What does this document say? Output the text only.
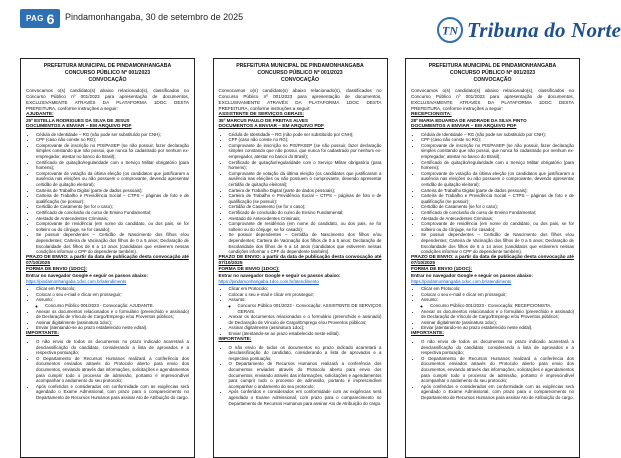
PAG 6 Pindamonhangaba, 30 de setembro de 2025
TN Tribuna do Norte

PREFEITURA MUNICIPAL DE PINDAMONHANGABA

CONCURSO PÚBLICO Nº 001/2023

CONVOCAÇÃO

Convocamos o(s) candidato(s) abaixo relacionado(s), classificados no Concurso Público nº 001/2023 para apresentação de documentos, EXCLUSIVAMENTE ATRAVÉS DA PLATAFORMA 1DOC DESTA PREFEITURA, conforme instruções a seguir:

AJUDANTE:

25º ESTELLA RODRIGUES DA SILVA DE JESUS

DOCUMENTOS A ENVIAR – EM ARQUIVO PDF

• Cédula de Identidade – RG (não pode ser substituído por CNH);
• CPF (caso não conste no RG);
• Comprovante de inscrição no PIS/PASEP (se não possuir, fazer declaração simples constando que não possui, que nunca foi cadastrado por nenhum ex-empregador, atestar no banco do Brasil);
• Certificado de quitação/regularidade com o Serviço Militar obrigatório (para homens);
• Comprovante de votação da última eleição (os candidatos que justificaram a ausência nas eleições ou não possuem o comprovante, devendo apresentar certidão de quitação eleitoral);
• Carteira de Trabalho Digital (parte de dados pessoais);
• Carteira de Trabalho e Previdência Social – CTPS – páginas de foto e de qualificação (se possuir);
• Certidão de Casamento (se for o caso);
• Certificado de conclusão do curso de Ensino Fundamental;
• Atestado de Antecedentes Criminais;
• Comprovante de residência (em nome do candidato, ou dos pais, se for solteiro ou do cônjuge, se for casado);
• Se possuir dependentes – Certidão de Nascimento dos filhos e/ou dependentes; Carteira de Vacinação dos filhos de 0 a 5 anos; Declaração de Escolaridade dos filhos de 6 a 14 anos (candidatos que estiverem nessas condições informar o CPF do dependente também).

PRAZO DE ENVIO: a partir da data de publicação desta convocação até 07/10/2025

FORMA DE ENVIO (1DOC):

Entrar no navegador Google e seguir os passos abaixo:

https://pindamonhangaba.1doc.com.br/atendimento

• Clicar em Protocolo;
• Colocar o seu e-mail e clicar em prosseguir;
• Assunto:
◦ Concurso Público 001/2023 - Convocação: AJUDANTE.
• Anexar os documentos relacionados e o formulário (preenchido e assinado) de Declaração de Vínculo de Cargo/Emprego e/ou Proventos públicos;
• Assinar digitalmente (assinatura 1doc);
• Enviar (atentando-se ao prazo estabelecido neste edital).

IMPORTANTE:

• O não envio de todos os documentos no prazo indicado acarretará a desclassificação do candidato, considerando a lista de aprovados e a respectiva pontuação;
• O Departamento de Recursos Humanos realizará a conferência dos documentos enviados através do Protocolo aberto para envio dos documentos, enviando através das informações, solicitações e agendamentos para cumprir todo o processo de admissão, portanto é imprescindível acompanhar o andamento do seu protocolo;
• Após conferidos e considerados em conformidade com as exigências será agendado o Exame Admissional, com prazo para o comparecimento no Departamento de Recursos Humanos para assinar Ato de Atribuição do cargo.

PREFEITURA MUNICIPAL DE PINDAMONHANGABA

CONCURSO PÚBLICO Nº 001/2023

CONVOCAÇÃO

Convocamos o(s) candidato(s) abaixo relacionado(s), classificados no Concurso Público nº 001/2023 para apresentação de documentos, EXCLUSIVAMENTE ATRAVÉS DA PLATAFORMA 1DOC DESTA PREFEITURA, conforme instruções a seguir:

ASSISTENTE DE SERVIÇOS GERAIS:

35º MARCUS PAULO DE FREITAS ALVES

DOCUMENTOS A ENVIAR – EM ARQUIVO PDF

• Cédula de Identidade – RG (não pode ser substituído por CNH);
• CPF (caso não conste no RG);
• Comprovante de inscrição no PIS/PASEP (se não possuir, fazer declaração simples constando que não possui, que nunca foi cadastrado por nenhum ex-empregador, atestar no banco do Brasil);
• Certificado de quitação/regularidade com o Serviço Militar obrigatório (para homens);
• Comprovante de votação da última eleição (os candidatos que justificaram a ausência nas eleições ou não possuem o comprovante, devendo apresentar certidão de quitação eleitoral);
• Carteira de Trabalho Digital (parte de dados pessoais);
• Carteira de Trabalho e Previdência Social – CTPS – páginas de foto e de qualificação (se possuir);
• Certidão de Casamento (se for o caso);
• Certificado de conclusão do curso de Ensino Fundamental;
• Atestado de Antecedentes Criminais;
• Comprovante de residência (em nome do candidato, ou dos pais, se for solteiro ou do cônjuge, se for casado);
• Se possuir dependentes – Certidão de Nascimento dos filhos e/ou dependentes; Carteira de Vacinação dos filhos de 0 a 5 anos; Declaração de Escolaridade dos filhos de 6 a 14 anos (candidatos que estiverem nessas condições informar o CPF do dependente também).

PRAZO DE ENVIO: a partir da data de publicação desta convocação até 07/10/2025

FORMA DE ENVIO (1DOC):

Entrar no navegador Google e seguir os passos abaixo:

https://pindamonhangaba.1doc.com.br/atendimento

• Clicar em Protocolo;
• Colocar o seu e-mail e clicar em prosseguir;
• Assunto:
◦ Concurso Público 001/2023 - Convocação: ASSISTENTE DE SERVIÇOS GERAIS.
• Anexar os documentos relacionados e o formulário (preenchido e assinado) de Declaração de Vínculo de Cargo/Emprego e/ou Proventos públicos;
• Assinar digitalmente (assinatura 1doc);
• Enviar (atentando-se ao prazo estabelecido neste edital).

IMPORTANTE:

• O não envio de todos os documentos no prazo indicado acarretará a desclassificação do candidato, considerando a lista de aprovados e a respectiva pontuação;
• O Departamento de Recursos Humanos realizará a conferência dos documentos enviados através do Protocolo aberto para envio dos documentos, enviando através das informações, solicitações e agendamentos para cumprir todo o processo de admissão, portanto é imprescindível acompanhar o andamento do seu protocolo;
• Após conferidos e considerados em conformidade com as exigências será agendado o Exame Admissional, com prazo para o comparecimento no Departamento de Recursos Humanos para assinar Ato de Atribuição do cargo.

PREFEITURA MUNICIPAL DE PINDAMONHANGABA

CONCURSO PÚBLICO Nº 001/2023

CONVOCAÇÃO

Convocamos o(s) candidato(s) abaixo relacionado(s), classificados no Concurso Público nº 001/2023 para apresentação de documentos, EXCLUSIVAMENTE ATRAVÉS DA PLATAFORMA 1DOC DESTA PREFEITURA, conforme instruções a seguir:

RECEPCIONISTA:

28º MARIA EDUARDA DE ANDRADE DA SILVA PINTO

DOCUMENTOS A ENVIAR – EM ARQUIVO PDF

• Cédula de Identidade – RG (não pode ser substituído por CNH);
• CPF (caso não conste no RG);
• Comprovante de inscrição no PIS/PASEP (se não possuir, fazer declaração simples constando que não possui, que nunca foi cadastrado por nenhum ex-empregador, atestar no banco do Brasil);
• Certificado de quitação/regularidade com o Serviço Militar obrigatório (para homens);
• Comprovante de votação da última eleição (os candidatos que justificaram a ausência nas eleições ou não possuem o comprovante, devendo apresentar certidão de quitação eleitoral);
• Carteira de Trabalho Digital (parte de dados pessoais);
• Carteira de Trabalho e Previdência Social – CTPS – páginas de foto e de qualificação (se possuir);
• Certidão de Casamento (se for o caso);
• Certificado de conclusão do curso de Ensino Fundamental;
• Atestado de Antecedentes Criminais;
• Comprovante de residência (em nome do candidato, ou dos pais, se for solteiro ou do cônjuge, se for casado);
• Se possuir dependentes – Certidão de Nascimento dos filhos e/ou dependentes; Carteira de Vacinação dos filhos de 0 a 5 anos; Declaração de Escolaridade dos filhos de 6 a 14 anos (candidatos que estiverem nessas condições informar o CPF do dependente também).

PRAZO DE ENVIO: a partir da data de publicação desta convocação até 07/10/2025

FORMA DE ENVIO (1DOC):

Entrar no navegador Google e seguir os passos abaixo:

https://pindamonhangaba.1doc.com.br/atendimento

• Clicar em Protocolo;
• Colocar o seu e-mail e clicar em prosseguir;
• Assunto:
◦ Concurso Público 001/2023 - Convocação: RECEPCIONISTA.
• Anexar os documentos relacionados e o formulário (preenchido e assinado) de Declaração de Vínculo de Cargo/Emprego e/ou Proventos públicos;
• Assinar digitalmente (assinatura 1doc);
• Enviar (atentando-se ao prazo estabelecido neste edital).

IMPORTANTE:

• O não envio de todos os documentos no prazo indicado acarretará a desclassificação do candidato, considerando a lista de aprovados e a respectiva pontuação;
• O Departamento de Recursos Humanos realizará a conferência dos documentos enviados através do Protocolo aberto para envio dos documentos, enviando através das informações, solicitações e agendamentos para cumprir todo o processo de admissão, portanto é imprescindível acompanhar o andamento do seu protocolo;
• Após conferidos e considerados em conformidade com as exigências será agendado o Exame Admissional, com prazo para o comparecimento no Departamento de Recursos Humanos para assinar Ato de Atribuição do cargo.
